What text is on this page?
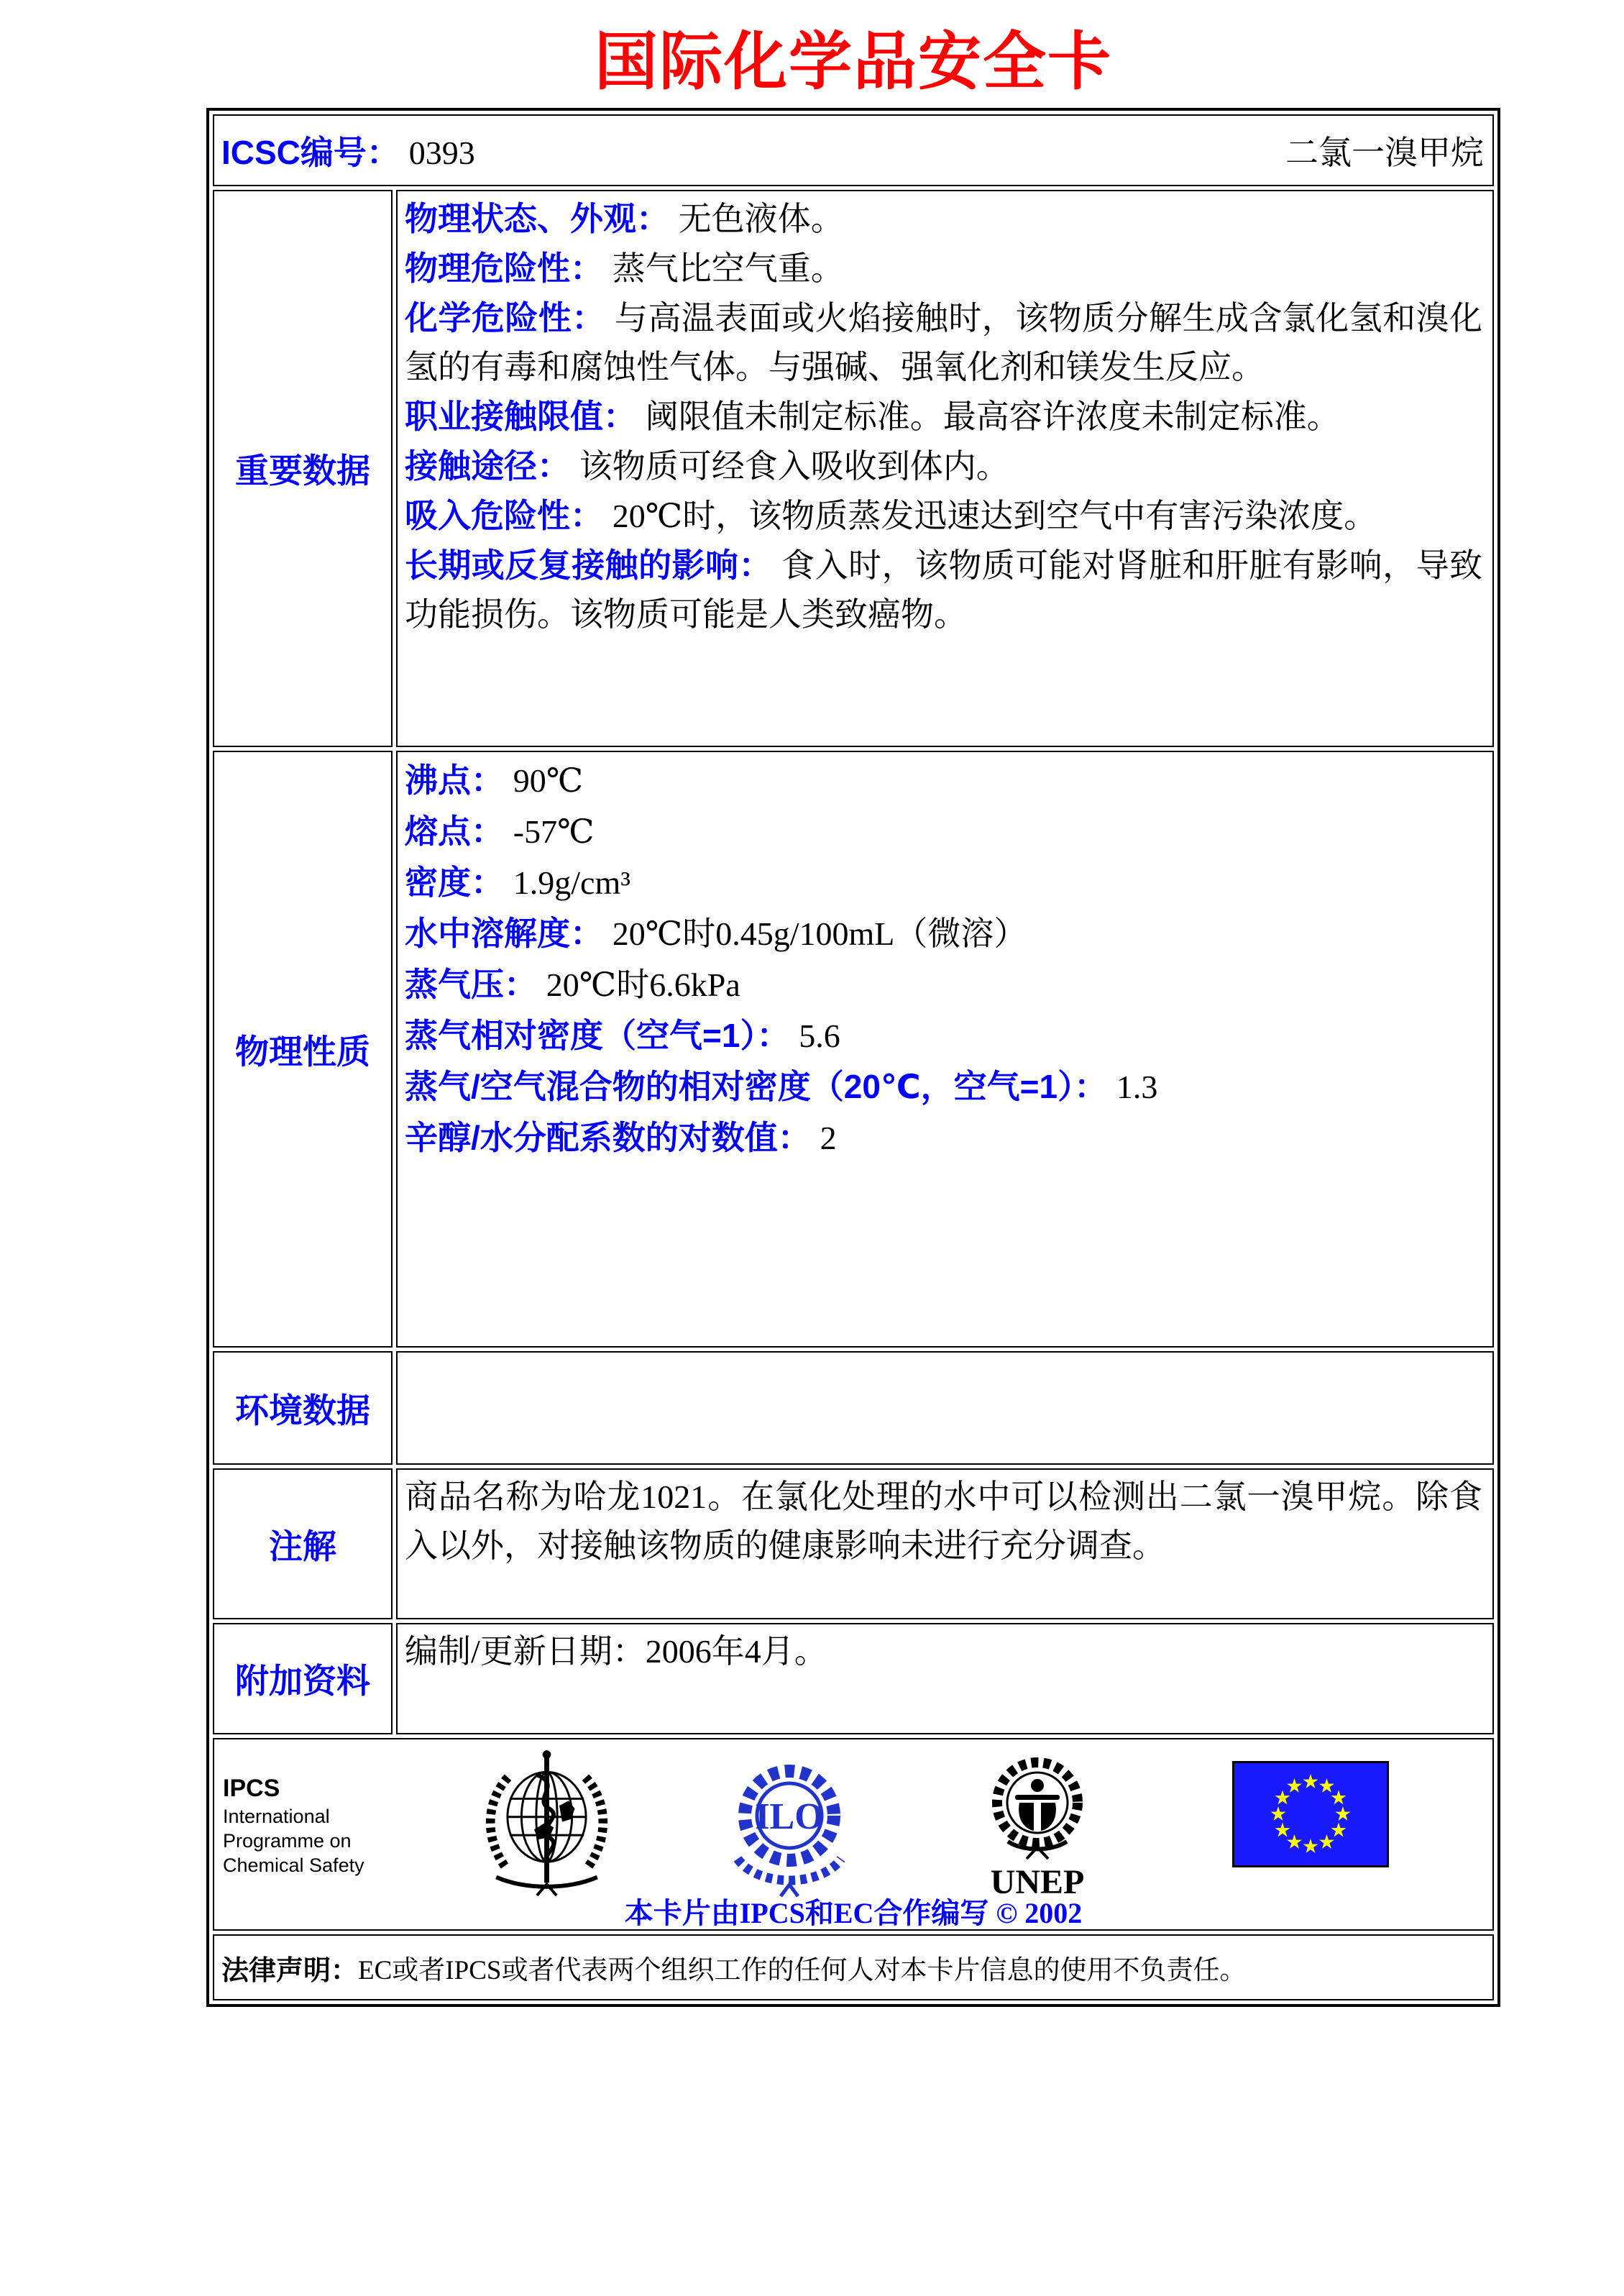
国际化学品安全卡
ICSC编号： 0393	二氯一溴甲烷
重要数据

物理状态、外观： 无色液体。

物理危险性： 蒸气比空气重。

化学危险性： 与高温表面或火焰接触时，该物质分解生成含氯化氢和溴化氢的有毒和腐蚀性气体。与强碱、强氧化剂和镁发生反应。

职业接触限值： 阈限值未制定标准。最高容许浓度未制定标准。

接触途径： 该物质可经食入吸收到体内。

吸入危险性： 20℃时，该物质蒸发迅速达到空气中有害污染浓度。

长期或反复接触的影响： 食入时，该物质可能对肾脏和肝脏有影响，导致功能损伤。该物质可能是人类致癌物。

物理性质

沸点： 90℃

熔点： -57℃

密度： 1.9g/cm³

水中溶解度： 20℃时0.45g/100mL（微溶）

蒸气压： 20℃时6.6kPa

蒸气相对密度（空气=1）： 5.6

蒸气/空气混合物的相对密度（20℃，空气=1）： 1.3

辛醇/水分配系数的对数值： 2

环境数据

注解

商品名称为哈龙1021。在氯化处理的水中可以检测出二氯一溴甲烷。除食入以外，对接触该物质的健康影响未进行充分调查。

附加资料

编制/更新日期：2006年4月。

IPCS
International
Programme on
Chemical Safety
ILO
UNEP
本卡片由IPCS和EC合作编写 © 2002
法律声明： EC或者IPCS或者代表两个组织工作的任何人对本卡片信息的使用不负责任。
